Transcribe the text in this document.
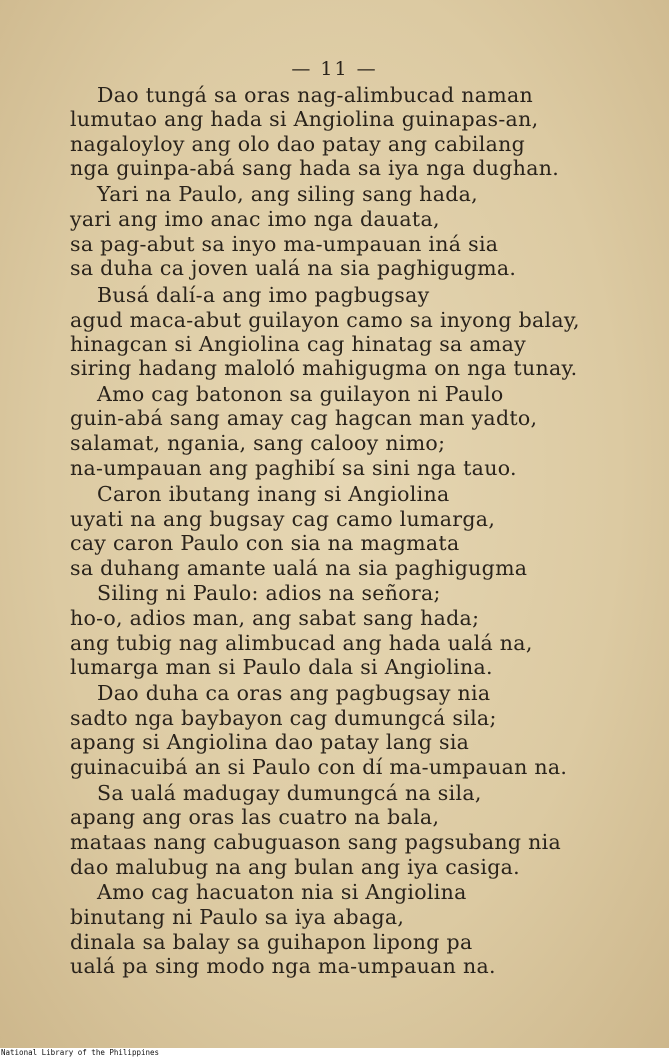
— 11 —
Dao tungá sa oras nag-alimbucad naman
lumutao ang hada si Angiolina guinapas-an,
nagaloyloy ang olo dao patay ang cabilang
nga guinpa-abá sang hada sa iya nga dughan.
Yari na Paulo, ang siling sang hada,
yari ang imo anac imo nga dauata,
sa pag-abut sa inyo ma-umpauan iná sia
sa duha ca joven ualá na sia paghigugma.
Busá dalí-a ang imo pagbugsay
agud maca-abut guilayon camo sa inyong balay,
hinagcan si Angiolina cag hinatag sa amay
siring hadang maloló mahigugma on nga tunay.
Amo cag batonon sa guilayon ni Paulo
guin-abá sang amay cag hagcan man yadto,
salamat, ngania, sang calooy nimo;
na-umpauan ang paghibí sa sini nga tauo.
Caron ibutang inang si Angiolina
uyati na ang bugsay cag camo lumarga,
cay caron Paulo con sia na magmata
sa duhang amante ualá na sia paghigugma
Siling ni Paulo: adios na señora;
ho-o, adios man, ang sabat sang hada;
ang tubig nag alimbucad ang hada ualá na,
lumarga man si Paulo dala si Angiolina.
Dao duha ca oras ang pagbugsay nia
sadto nga baybayon cag dumungcá sila;
apang si Angiolina dao patay lang sia
guinacuibá an si Paulo con dí ma-umpauan na.
Sa ualá madugay dumungcá na sila,
apang ang oras las cuatro na bala,
mataas nang cabuguason sang pagsubang nia
dao malubug na ang bulan ang iya casiga.
Amo cag hacuaton nia si Angiolina
binutang ni Paulo sa iya abaga,
dinala sa balay sa guihapon lipong pa
ualá pa sing modo nga ma-umpauan na.
National Library of the Philippines
